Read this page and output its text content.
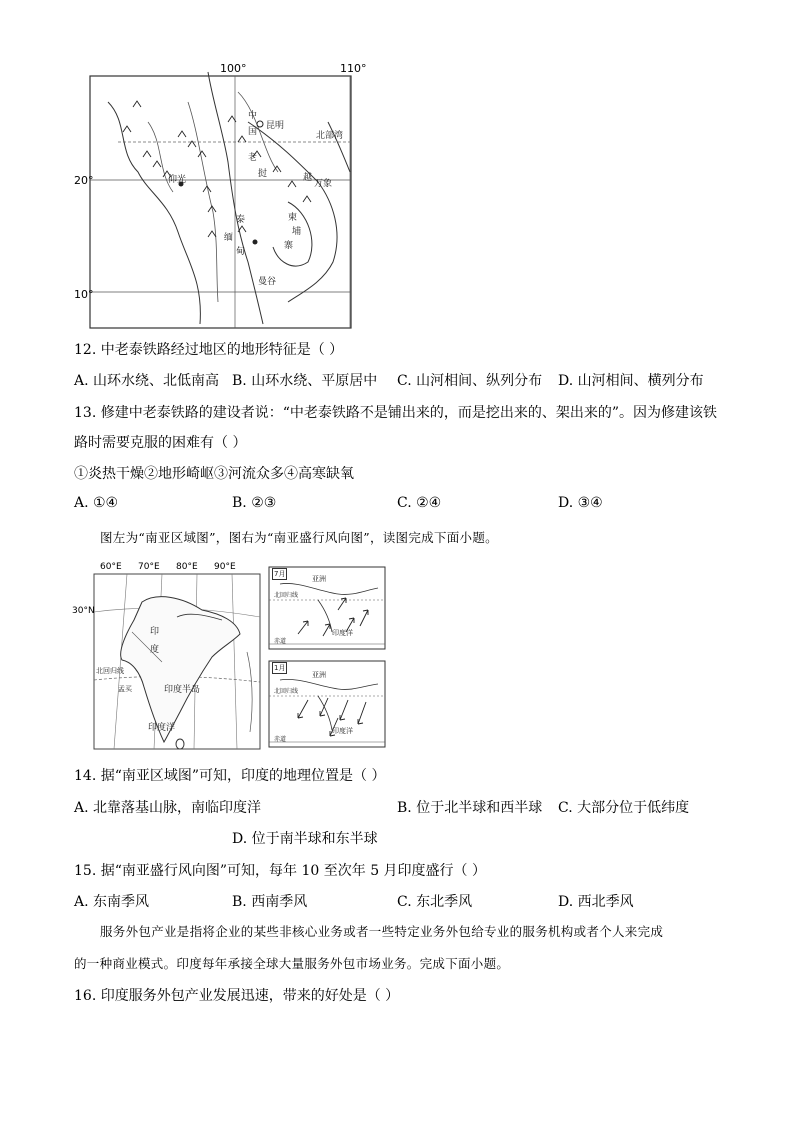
100°	110°
20°
10°
中
昆明
国
老
挝
北部湾
仰光	越
泰
缅
甸
柬
埔
寨
万象
曼谷
12. 中老泰铁路经过地区的地形特征是（ ）
A. 山环水绕、北低南高 B. 山环水绕、平原居中 C. 山河相间、纵列分布 D. 山河相间、横列分布
13. 修建中老泰铁路的建设者说：“中老泰铁路不是铺出来的，而是挖出来的、架出来的”。因为修建该铁
路时需要克服的困难有（ ）
①炎热干燥②地形崎岖③河流众多④高寒缺氧
A. ①④	B. ②③	C. ②④	D. ③④
图左为“南亚区域图”，图右为“南亚盛行风向图”，读图完成下面小题。
60°E 70°E 80°E 90°E
30°N
印
度
印度半岛
印度洋
北回归线
孟买
7月
亚洲
北回归线
印度洋
赤道
1月
亚洲
北回归线
印度洋
赤道
14. 据“南亚区域图”可知，印度的地理位置是（ ）
A. 北靠落基山脉，南临印度洋	B. 位于北半球和西半球 C. 大部分位于低纬度
D. 位于南半球和东半球
15. 据“南亚盛行风向图”可知，每年 10 至次年 5 月印度盛行（ ）
A. 东南季风	B. 西南季风	C. 东北季风	D. 西北季风
服务外包产业是指将企业的某些非核心业务或者一些特定业务外包给专业的服务机构或者个人来完成
的一种商业模式。印度每年承接全球大量服务外包市场业务。完成下面小题。
16. 印度服务外包产业发展迅速，带来的好处是（ ）
